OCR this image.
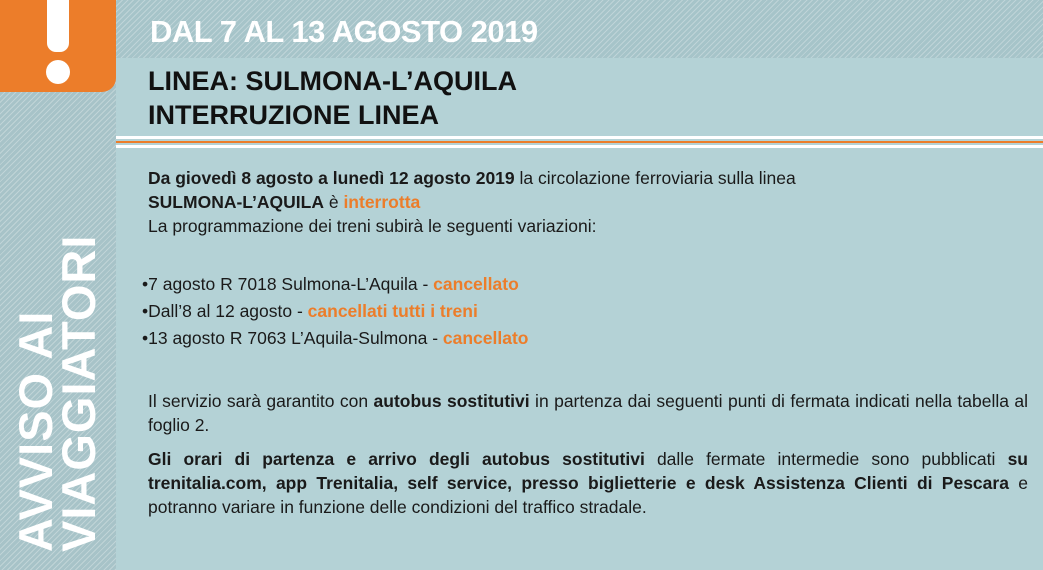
AVVISO AI
VIAGGIATORI
DAL 7 AL 13 AGOSTO 2019
LINEA: SULMONA-L’AQUILA
INTERRUZIONE LINEA

Da giovedì 8 agosto a lunedì 12 agosto 2019 la circolazione ferroviaria sulla linea
SULMONA-L’AQUILA è interrotta
La programmazione dei treni subirà le seguenti variazioni:

•7 agosto R 7018 Sulmona-L’Aquila - cancellato
•Dall’8 al 12 agosto - cancellati tutti i treni
•13 agosto R 7063 L’Aquila-Sulmona - cancellato

Il servizio sarà garantito con autobus sostitutivi in partenza dai seguenti punti di fermata indicati nella tabella al foglio 2.

Gli orari di partenza e arrivo degli autobus sostitutivi dalle fermate intermedie sono pubblicati su trenitalia.com, app Trenitalia, self service, presso biglietterie e desk Assistenza Clienti di Pescara e potranno variare in funzione delle condizioni del traffico stradale.
